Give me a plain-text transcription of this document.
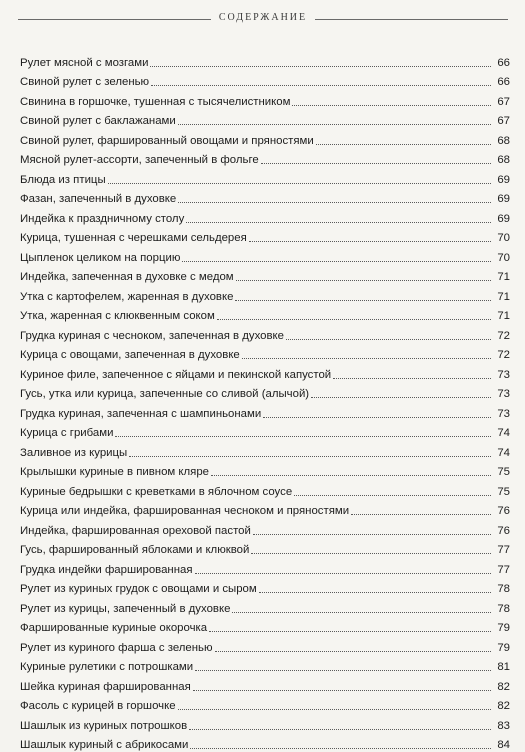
СОДЕРЖАНИЕ
Рулет мясной с мозгами	66
Свиной рулет с зеленью	66
Свинина в горшочке, тушенная с тысячелистником	67
Свиной рулет с баклажанами	67
Свиной рулет, фаршированный овощами и пряностями	68
Мясной рулет-ассорти, запеченный в фольге	68
Блюда из птицы	69
Фазан, запеченный в духовке	69
Индейка к праздничному столу	69
Курица, тушенная с черешками сельдерея	70
Цыпленок целиком на порцию	70
Индейка, запеченная в духовке с медом	71
Утка с картофелем, жаренная в духовке	71
Утка, жаренная с клюквенным соком	71
Грудка куриная с чесноком, запеченная в духовке	72
Курица с овощами, запеченная в духовке	72
Куриное филе, запеченное с яйцами и пекинской капустой	73
Гусь, утка или курица, запеченные со сливой (алычой)	73
Грудка куриная, запеченная с шампиньонами	73
Курица с грибами	74
Заливное из курицы	74
Крылышки куриные в пивном кляре	75
Куриные бедрышки с креветками в яблочном соусе	75
Курица или индейка, фаршированная чесноком и пряностями	76
Индейка, фаршированная ореховой пастой	76
Гусь, фаршированный яблоками и клюквой	77
Грудка индейки фаршированная	77
Рулет из куриных грудок с овощами и сыром	78
Рулет из курицы, запеченный в духовке	78
Фаршированные куриные окорочка	79
Рулет из куриного фарша с зеленью	79
Куриные рулетики с потрошками	81
Шейка куриная фаршированная	82
Фасоль с курицей в горшочке	82
Шашлык из куриных потрошков	83
Шашлык куриный с абрикосами	84
